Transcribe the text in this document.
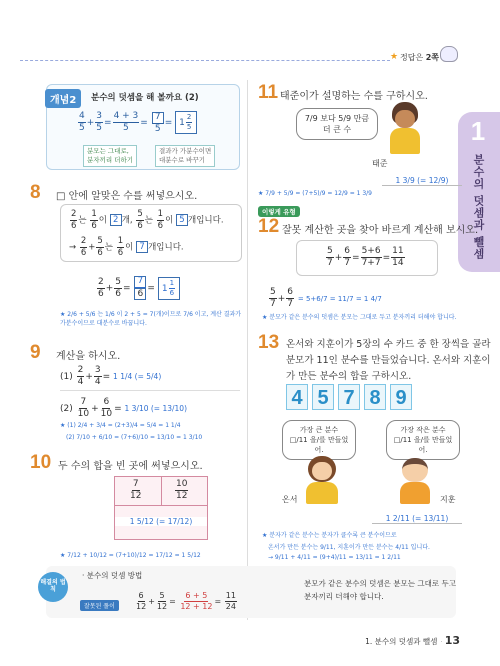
★ 정답은 2쪽
1
분수의 덧셈과 뺄셈
개념2	분수의 덧셈을 해 볼까요 (2)
$\frac{4}{5} + \frac{3}{5} = \frac{4 + 3}{5} = \frac{7}{5} = 1 \frac{2}{5}$
분모는 그대로,
분자끼리 더하기
결과가 가분수이면
대분수로 바꾸기
8 □ 안에 알맞은 수를 써넣으시오.
$\frac{2}{6}$ 는 $\frac{1}{6}$ 이 2 개, $\frac{5}{6}$ 는 $\frac{1}{6}$ 이 5 개입니다.
→ $\frac{2}{6} + \frac{5}{6}$ 는 $\frac{1}{6}$ 이 7 개입니다.
$\frac{2}{6} + \frac{5}{6} = \frac{7}{6} = 1 \frac{1}{6}$
★ 2/6 + 5/6 는 1/6 이 2 + 5 = 7(개)이므로 7/6 이고, 계산 결과가 가분수이므로 대분수로 바꿉니다.
9 계산을 하시오.
$(1) \frac{2}{4} + \frac{3}{4} = 1$ 1/4 (= 5/4)
$(2) \frac{7}{10} + \frac{6}{10} = 1$ 3/10 (= 13/10)
★ (1) 2/4 + 3/4 = (2+3)/4 = 5/4 = 1 1/4
(2) 7/10 + 6/10 = (7+6)/10 = 13/10 = 1 3/10
10 두 수의 합을 빈 곳에 써넣으시오.
$\frac{7}{12}$	$\frac{10}{12}$
1 5/12 (= 17/12)
★ 7/12 + 10/12 = (7+10)/12 = 17/12 = 1 5/12
11 태준이가 설명하는 수를 구하시오.
7/9 보다 5/9 만큼
더 큰 수
태준
1 3/9 (= 12/9)
★ 7/9 + 5/9 = (7+5)/9 = 12/9 = 1 3/9
이렇게 유형
12 잘못 계산한 곳을 찾아 바르게 계산해 보시오.
$\frac{5}{7} + \frac{6}{7} = \frac{5+6}{7+7} = \frac{11}{14}$
$\frac{5}{7} + \frac{6}{7} = 5+6/7 = 11/7 = 1$ 4/7
★ 분모가 같은 분수의 덧셈은 분모는 그대로 두고 분자끼리 더해야 합니다.
13 온서와 지훈이가 5장의 수 카드 중 한 장씩을 골라
분모가 11인 분수를 만들었습니다. 온서와 지훈이
가 만든 분수의 합을 구하시오.
4 5 7 8 9
가장 큰 분수
□/11 을/를 만들었어.
가장 작은 분수
□/11 을/를 만들었어.
온서	지훈
1 2/11 (= 13/11)
★ 분자가 같은 분수는 분자가 클수록 큰 분수이므로
온서가 만든 분수는 9/11, 지훈이가 만든 분수는 4/11 입니다.
→ 9/11 + 4/11 = (9+4)/11 = 13/11 = 1 2/11
해결의 법칙
· 분수의 덧셈 방법
잘못된 풀이	$\frac{6}{12} + \frac{5}{12} = \frac{6 + 5}{12 + 12} = \frac{11}{24}$
분모가 같은 분수의 덧셈은 분모는 그대로 두고
분자끼리 더해야 합니다.
1. 분수의 덧셈과 뺄셈 · 13
